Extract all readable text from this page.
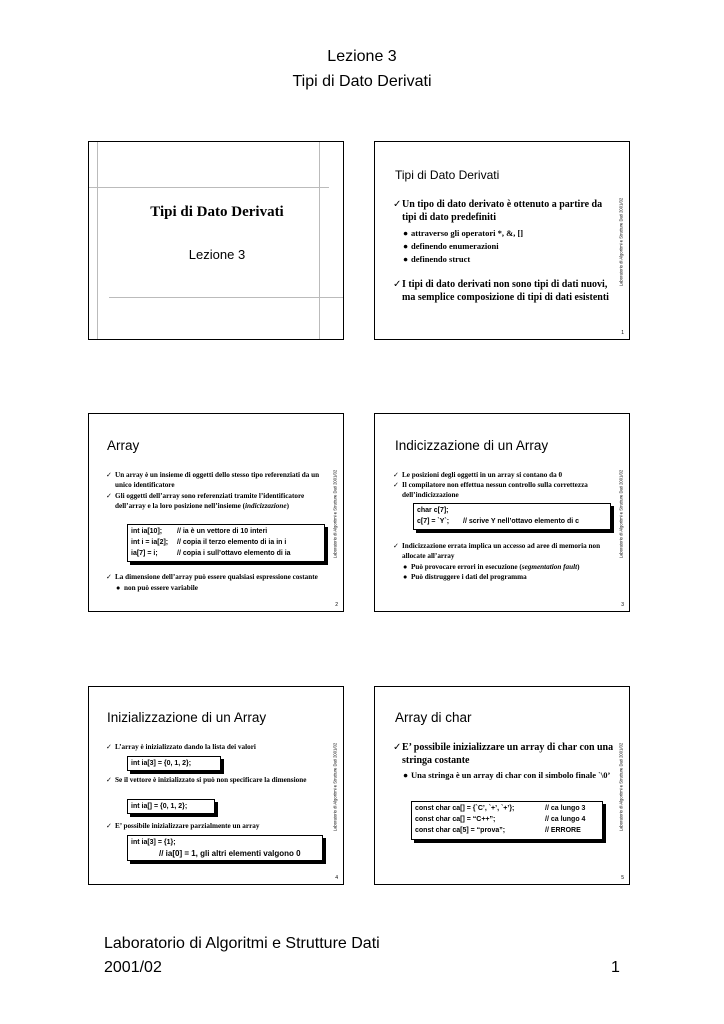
Lezione 3
Tipi di Dato Derivati
Tipi di Dato Derivati
Lezione 3
Tipi di Dato Derivati
✓ Un tipo di dato derivato è ottenuto a partire da tipi di dato predefiniti
● attraverso gli operatori *, &, []
● definendo enumerazioni
● definendo struct
✓ I tipi di dato derivati non sono tipi di dati nuovi, ma semplice composizione di tipi di dati esistenti
Laboratorio di Algoritmi e Strutture Dati 2001/02
1
Array
✓ Un array è un insieme di oggetti dello stesso tipo referenziati da un unico identificatore
✓ Gli oggetti dell’array sono referenziati tramite l’identificatore dell’array e la loro posizione nell’insieme (indicizzazione)
int ia[10];	// ia è un vettore di 10 interi
int i = ia[2];	// copia il terzo elemento di ia in i
ia[7] = i;	// copia i sull’ottavo elemento di ia
✓ La dimensione dell’array può essere qualsiasi espressione costante
● non può essere variabile
Laboratorio di Algoritmi e Strutture Dati 2001/02
2
Indicizzazione di un Array
✓ Le posizioni degli oggetti in un array si contano da 0
✓ Il compilatore non effettua nessun controllo sulla correttezza dell’indicizzazione
char c[7];
c[7] = `Y`;	// scrive Y nell’ottavo elemento di c
✓ Indicizzazione errata implica un accesso ad aree di memoria non allocate all’array
● Può provocare errori in esecuzione (segmentation fault)
● Può distruggere i dati del programma
Laboratorio di Algoritmi e Strutture Dati 2001/02
3
Inizializzazione di un Array
✓ L’array è inizializzato dando la lista dei valori
int ia[3] = {0, 1, 2};
✓ Se il vettore è inizializzato si può non specificare la dimensione
int ia[] = {0, 1, 2};
✓ E’ possibile inizializzare parzialmente un array
int ia[3] = {1};
// ia[0] = 1, gli altri elementi valgono 0
Laboratorio di Algoritmi e Strutture Dati 2001/02
4
Array di char
✓ E’ possibile inizializzare un array di char con una stringa costante
● Una stringa è un array di char con il simbolo finale `\0’
const char ca[] = {`C’, `+’, `+’};	// ca lungo 3
const char ca[] = “C++”;	// ca lungo 4
const char ca[5] = “prova”;	// ERRORE	Laboratorio di Algoritmi e Strutture Dati 2001/02
5
Laboratorio di Algoritmi e Strutture Dati
2001/02	1
